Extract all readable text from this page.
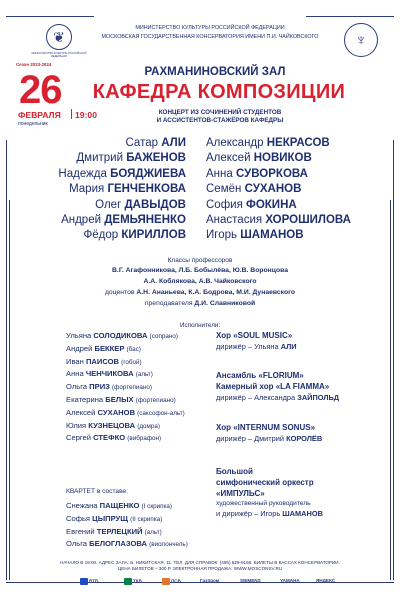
❦
МИНИСТЕРСТВО КУЛЬТУРЫ РОССИЙСКОЙ ФЕДЕРАЦИИ
♆
МИНИСТЕРСТВО КУЛЬТУРЫ РОССИЙСКОЙ ФЕДЕРАЦИИ
МОСКОВСКАЯ ГОСУДАРСТВЕННАЯ КОНСЕРВАТОРИЯ ИМЕНИ П.И. ЧАЙКОВСКОГО
Сезон 2023-2024
26
ФЕВРАЛЯ 19:00
понедельник
РАХМАНИНОВСКИЙ ЗАЛ
КАФЕДРА КОМПОЗИЦИИ
КОНЦЕРТ ИЗ СОЧИНЕНИЙ СТУДЕНТОВ
И АССИСТЕНТОВ-СТАЖЁРОВ КАФЕДРЫ
Сатар АЛИ
Дмитрий БАЖЕНОВ
Надежда БОЯДЖИЕВА
Мария ГЕНЧЕНКОВА
Олег ДАВЫДОВ
Андрей ДЕМЬЯНЕНКО
Фёдор КИРИЛЛОВ
Александр НЕКРАСОВ
Алексей НОВИКОВ
Анна СУВОРКОВА
Семён СУХАНОВ
София ФОКИНА
Анастасия ХОРОШИЛОВА
Игорь ШАМАНОВ
Классы профессоров
В.Г. Агафонникова, Л.Б. Бобылёва, Ю.В. Воронцова
А.А. Коблякова, А.В. Чайковского
доцентов А.Н. Ананьева, К.А. Бодрова, М.И. Дунаевского
преподавателя Д.И. Славниковой
Исполнители:
Ульяна СОЛОДИКОВА (сопрано)
Андрей БЕККЕР (бас)
Иван ПАИСОВ (гобой)
Анна ЧЕНЧИКОВА (альт)
Ольга ПРИЗ (фортепиано)
Екатерина БЕЛЫХ (фортепиано)
Алексей СУХАНОВ (саксофон-альт)
Юлия КУЗНЕЦОВА (домра)
Сергей СТЕФКО (вибрафон)
КВАРТЕТ в составе:
Снежана ПАЩЕНКО (I скрипка)
Софья ЦЫПРУЩ (II скрипка)
Евгений ТЕРЛЕЦКИЙ (альт)
Ольга БЕЛОГЛАЗОВА (виолончель)
Хор «SOUL MUSIC»
дирижёр – Ульяна АЛИ
Ансамбль «FLORIUM»
Камерный хор «LA FIAMMA»
дирижёр – Александра ЗАЙПОЛЬД
Хор «INTERNUM SONUS»
дирижёр – Дмитрий КОРОЛЁВ
Большой
симфонический оркестр
«ИМПУЛЬС»
художественный руководитель
и дирижёр – Игорь ШАМАНОВ
НАЧАЛО В 19:00. АДРЕС ЗАЛА: Б. НИКИТСКАЯ, 11. ТЕЛ. ДЛЯ СПРАВОК: (495) 629-9166. БИЛЕТЫ В КАССАХ КОНСЕРВАТОРИИ.
ЦЕНА БИЛЕТОВ – 300 Р. ЭЛЕКТРОННАЯ ПРОДАЖА: WWW.MOSCONSV.RU
ВТБ	ТКБ	ПСБ	Газпром	SIEMENS	YAMAHA	ЯНДЕКС
